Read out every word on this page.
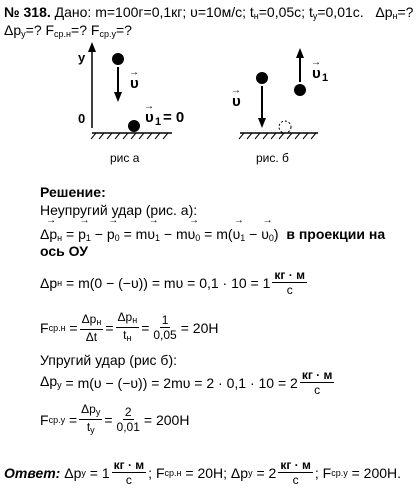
№ 318. Дано: m=100г=0,1кг; υ=10м/с; $t_н=0,05с$; $t_у=0,01с$. $\Delta p_н=$?
$\Delta p_у=$? $F_{ср.н}=$? $F_{ср.у}=$?
y
0
υ
→
υ
→
1 = 0
рис а
υ
→
υ
→
1
рис. б
Решение:
Неупругий удар (рис. а):
→ $\Delta p_н$ = → $p_1$ − → $p_0 = m\to \upsilon_1 - m\to \upsilon_0 = m(\to \upsilon_1$ − → $\upsilon_0$)  в проекции на
ось ОУ
Δp н
= $m(0 - (-\upsilon)) = m\upsilon = 0,1 \cdot 10 = 1 \frac{кг \cdot м}{с}$
F $ср.н = \frac{\Delta p_н}{\Delta t} = \frac{\Delta p_н}{t_н} = \frac{1}{0,05} = 20Н$
Упругий удар (рис б):
$\Delta p_у$
= $m(\upsilon - (-\upsilon)) = 2m\upsilon = 2 \cdot 0,1 \cdot 10 = 2 \frac{кг \cdot м}{с}$
F $ср.у = \frac{\Delta p_у}{t_у} = \frac{2}{0,01} = 200Н$
Ответ:
Δp у
= $1 \frac{кг \cdot м}{с}$ ; F ср.н
= 20Н;
Δp у
= $2 \frac{кг \cdot м}{с}$ ; F ср.у
= 200Н.
